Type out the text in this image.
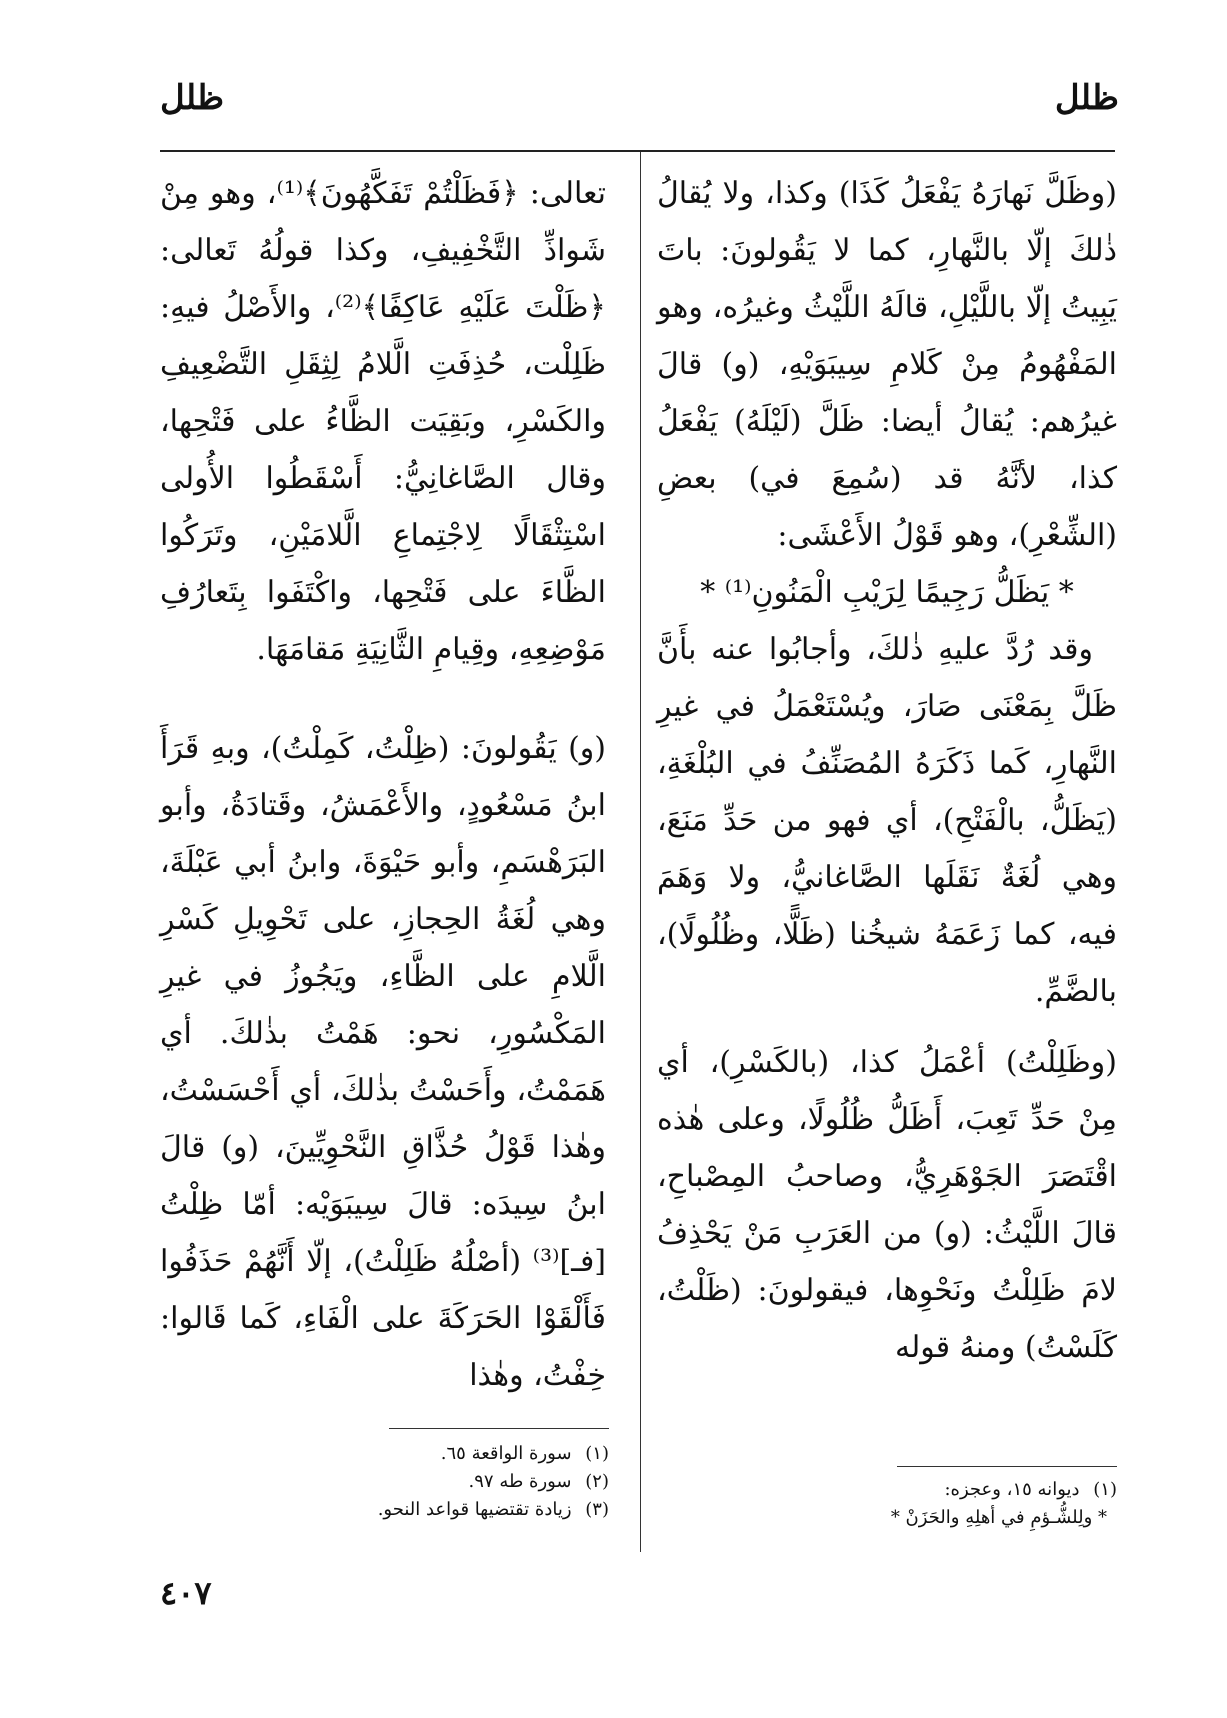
ظلل
ظلل

(وظَلَّ نَهارَهُ يَفْعَلُ كَذَا) وكذا، ولا يُقالُ ذٰلكَ إلّا بالنَّهارِ، كما لا يَقُولونَ: باتَ يَبِيتُ إلّا باللَّيْلِ، قالَهُ اللَّيْثُ وغيرُه، وهو المَفْهُومُ مِنْ كَلامِ سِيبَوَيْهِ، (و) قالَ غيرُهم: يُقالُ أيضا: ظَلَّ (لَيْلَهُ) يَفْعَلُ كذا، لأنَّهُ قد (سُمِعَ في) بعضِ (الشِّعْرِ)، وهو قَوْلُ الأَعْشَى:

* يَظَلُّ رَجِيمًا لِرَيْبِ الْمَنُونِ⁽¹⁾ *

وقد رُدَّ عليهِ ذٰلكَ، وأجابُوا عنه بأَنَّ ظَلَّ بِمَعْنَى صَارَ، ويُسْتَعْمَلُ في غيرِ النَّهارِ، كَما ذَكَرَهُ المُصَنِّفُ في البُلْغَةِ، (يَظَلُّ، بالْفَتْحِ)، أي فهو من حَدِّ مَنَعَ، وهي لُغَةٌ نَقَلَها الصَّاغانيُّ، ولا وَهَمَ فيه، كما زَعَمَهُ شيخُنا (ظَلًّا، وظُلُولًا)، بالضَّمِّ.

(وظَلِلْتُ) أعْمَلُ كذا، (بالكَسْرِ)، أي مِنْ حَدِّ تَعِبَ، أَظَلُّ ظُلُولًا، وعلى هٰذه اقْتَصَرَ الجَوْهَرِيُّ، وصاحبُ المِصْباحِ، قالَ اللَّيْثُ: (و) من العَرَبِ مَنْ يَحْذِفُ لامَ ظَلِلْتُ ونَحْوِها، فيقولونَ: (ظَلْتُ، كَلَسْتُ) ومنهُ قوله

تعالى: ﴿فَظَلْتُمْ تَفَكَّهُونَ﴾⁽¹⁾، وهو مِنْ شَواذِّ التَّخْفِيفِ، وكذا قولُهُ تَعالى: ﴿ظَلْتَ عَلَيْهِ عَاكِفًا﴾⁽²⁾، والأَصْلُ فيهِ: ظَلِلْت، حُذِفَتِ الَّلامُ لِثِقَلِ التَّضْعِيفِ والكَسْرِ، وبَقِيَت الظَّاءُ على فَتْحِها، وقال الصَّاغانِيُّ: أَسْقَطُوا الأُولى اسْتِثْقَالًا لِاجْتِماعِ الَّلامَيْنِ، وتَرَكُوا الظَّاءَ على فَتْحِها، واكْتَفَوا بِتَعارُفِ مَوْضِعِهِ، وقِيامِ الثَّانِيَةِ مَقامَهَا.

(و) يَقُولونَ: (ظِلْتُ، كَمِلْتُ)، وبهِ قَرَأَ ابنُ مَسْعُودٍ، والأَعْمَشُ، وقَتادَةُ، وأبو البَرَهْسَمِ، وأبو حَيْوَةَ، وابنُ أبي عَبْلَةَ، وهي لُغَةُ الحِجازِ، على تَحْوِيلِ كَسْرِ الَّلامِ على الظَّاءِ، ويَجُوزُ في غيرِ المَكْسُورِ، نحو: هَمْتُ بذٰلكَ. أي هَمَمْتُ، وأَحَسْتُ بذٰلكَ، أي أَحْسَسْتُ، وهٰذا قَوْلُ حُذَّاقِ النَّحْوِيِّينَ، (و) قالَ ابنُ سِيدَه: قالَ سِيبَوَيْه: أمّا ظِلْتُ [فـ]⁽³⁾ (أصْلُهُ ظَلِلْتُ)، إلّا أَنَّهُمْ حَذَفُوا فَأَلْقَوْا الحَرَكَةَ على الْفَاءِ، كَما قَالوا: خِفْتُ، وهٰذا

(١) ديوانه ١٥، وعجزه:

* ولِلشُّـؤمِ في أهلِهِ والحَزَنْ *

(١) سورة الواقعة ٦٥.

(٢) سورة طه ٩٧.

(٣) زيادة تقتضيها قواعد النحو.

٤٠٧
